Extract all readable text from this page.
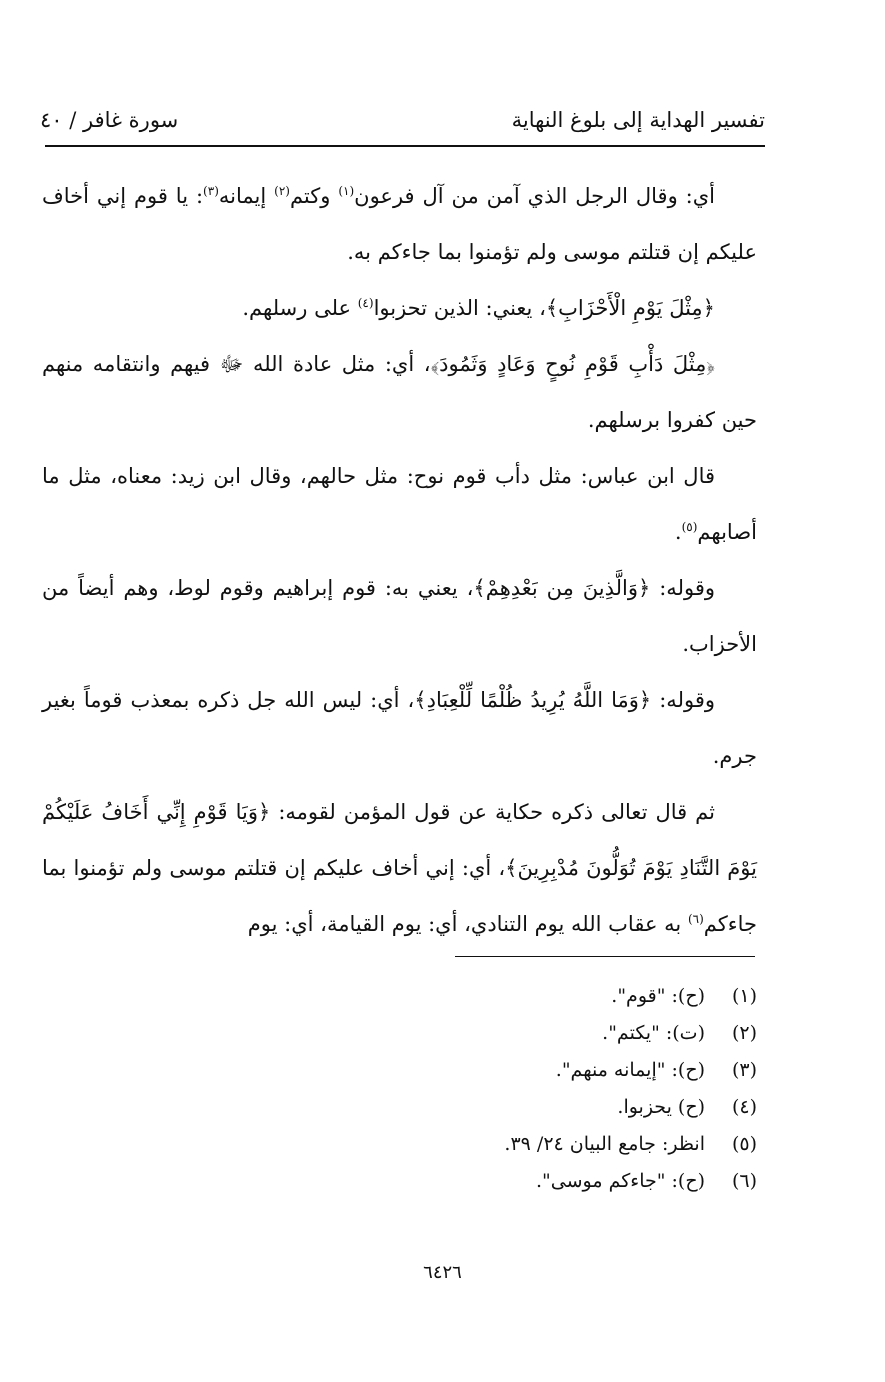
تفسير الهداية إلى بلوغ النهاية
سورة غافر / ٤٠

أي: وقال الرجل الذي آمن من آل فرعون$^{(١)}$ وكتم$^{(٢)}$ إيمانه$^{(٣)}$: يا قوم إني أخاف عليكم إن قتلتم موسى ولم تؤمنوا بما جاءكم به.

﴿مِثْلَ يَوْمِ الْأَحْزَابِ﴾، يعني: الذين تحزبوا$^{(٤)}$ على رسلهم.

﴿مِثْلَ دَأْبِ قَوْمِ نُوحٍ وَعَادٍ وَثَمُودَ﴾، أي: مثل عادة الله ﷻ فيهم وانتقامه منهم حين كفروا برسلهم.

قال ابن عباس: مثل دأب قوم نوح: مثل حالهم، وقال ابن زيد: معناه، مثل ما أصابهم$^{(٥)}$.

وقوله: ﴿وَالَّذِينَ مِن بَعْدِهِمْ﴾، يعني به: قوم إبراهيم وقوم لوط، وهم أيضاً من الأحزاب.

وقوله: ﴿وَمَا اللَّهُ يُرِيدُ ظُلْمًا لِّلْعِبَادِ﴾، أي: ليس الله جل ذكره بمعذب قوماً بغير جرم.

ثم قال تعالى ذكره حكاية عن قول المؤمن لقومه: ﴿وَيَا قَوْمِ إِنِّي أَخَافُ عَلَيْكُمْ يَوْمَ التَّنَادِ يَوْمَ تُوَلُّونَ مُدْبِرِينَ﴾، أي: إني أخاف عليكم إن قتلتم موسى ولم تؤمنوا بما جاءكم$^{(٦)}$ به عقاب الله يوم التنادي، أي: يوم القيامة، أي: يوم

(١)
(ح): "قوم".
(٢)
(ت): "يكتم".
(٣)
(ح): "إيمانه منهم".
(٤)
(ح) يحزبوا.
(٥)
انظر: جامع البيان ٢٤/ ٣٩.
(٦)
(ح): "جاءكم موسى".
٦٤٢٦
